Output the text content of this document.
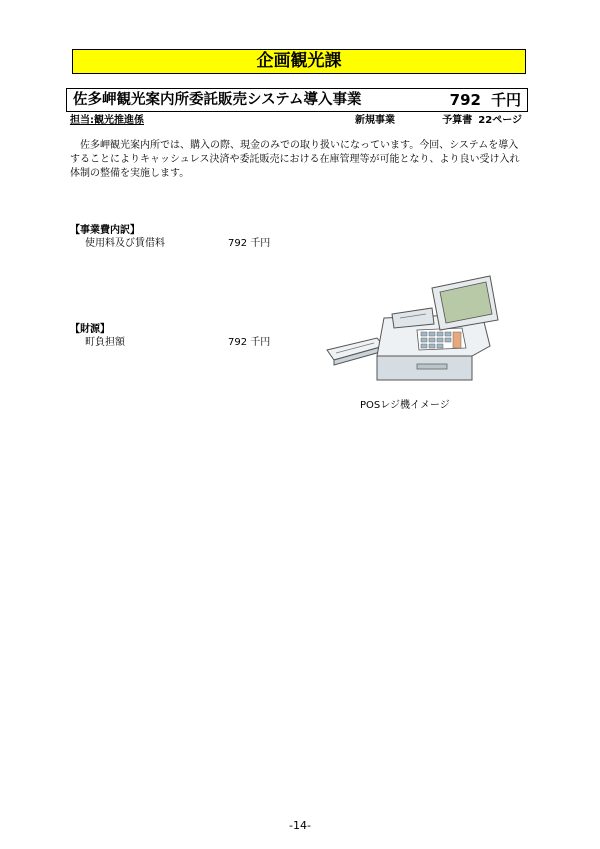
企画観光課
佐多岬観光案内所委託販売システム導入事業	792 千円
担当:観光推進係	新規事業	予算書 22ページ

佐多岬観光案内所では、購入の際、現金のみでの取り扱いになっています。今回、システムを導入することによりキャッシュレス決済や委託販売における在庫管理等が可能となり、より良い受け入れ体制の整備を実施します。

【事業費内訳】
使用料及び賃借料	792 千円
【財源】
町負担額	792 千円
POSレジ機イメージ
-14-
